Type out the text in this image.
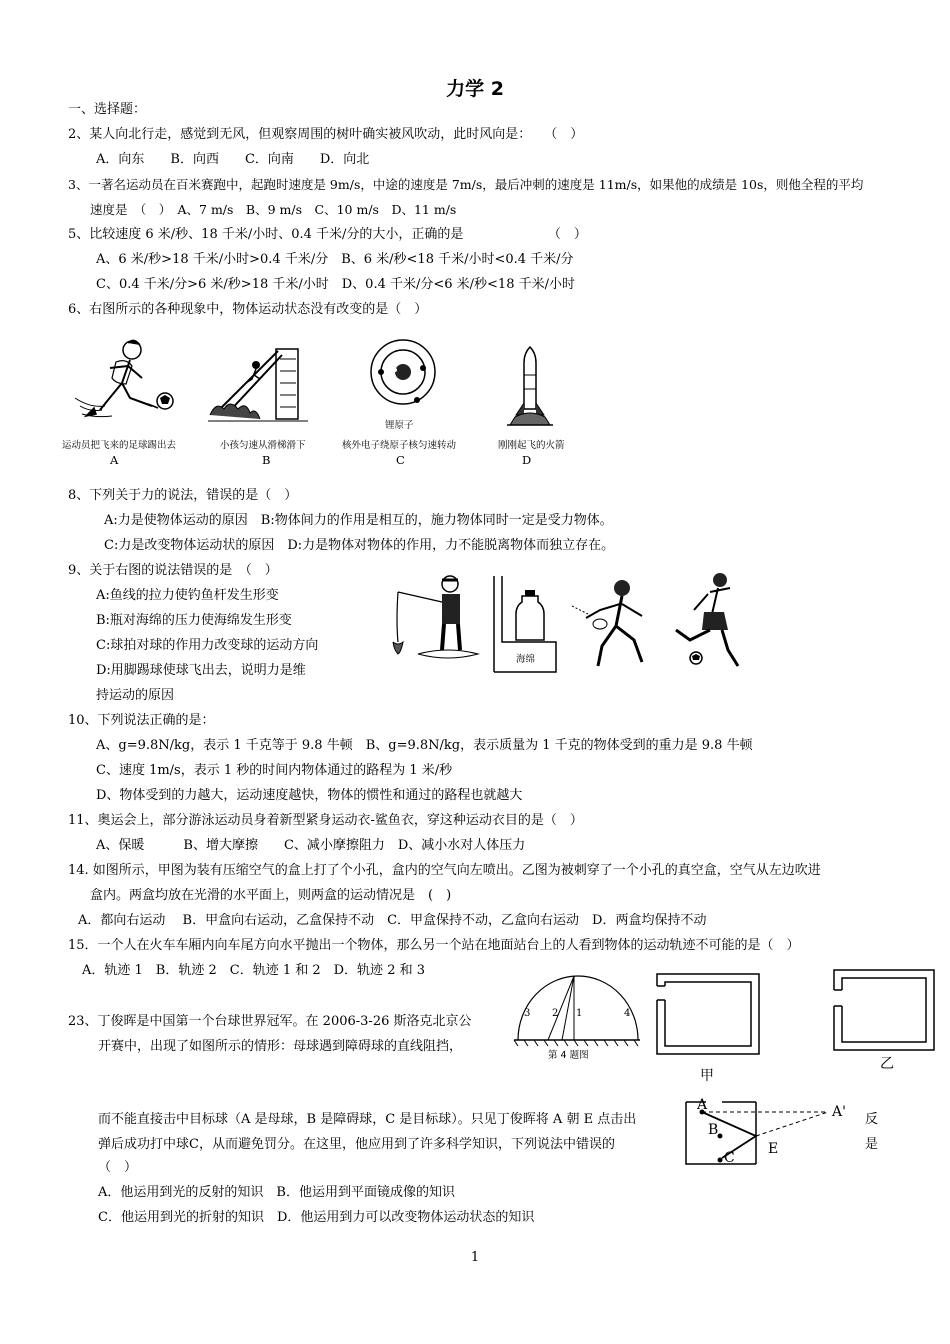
力学 2
一、选择题：
2、某人向北行走，感觉到无风，但观察周围的树叶确实被风吹动，此时风向是：　　（　）
A．向东　　B．向西　　C．向南　　D．向北
3、一著名运动员在百米赛跑中，起跑时速度是 9m/s，中途的速度是 7m/s，最后冲刺的速度是 11m/s，如果他的成绩是 10s，则他全程的平均
速度是　（　）　A、7 m/s　B、9 m/s　C、10 m/s　D、11 m/s
5、比较速度 6 米/秒、18 千米/小时、0.4 千米/分的大小，正确的是　　　　　　　（　）
A、6 米/秒>18 千米/小时>0.4 千米/分　B、6 米/秒<18 千米/小时<0.4 千米/分
C、0.4 千米/分>6 米/秒>18 千米/小时　D、0.4 千米/分<6 米/秒<18 千米/小时
6、右图所示的各种现象中，物体运动状态没有改变的是（　）
8、下列关于力的说法，错误的是（　）
A:力是使物体运动的原因　B:物体间力的作用是相互的，施力物体同时一定是受力物体。
C:力是改变物体运动状的原因　D:力是物体对物体的作用，力不能脱离物体而独立存在。
9、关于右图的说法错误的是　（　）
A:鱼线的拉力使钓鱼杆发生形变
B:瓶对海绵的压力使海绵发生形变
C:球拍对球的作用力改变球的运动方向
D:用脚踢球使球飞出去，说明力是维
持运动的原因
10、下列说法正确的是：
A、g=9.8N/kg，表示 1 千克等于 9.8 牛顿　B、g=9.8N/kg，表示质量为 1 千克的物体受到的重力是 9.8 牛顿
C、速度 1m/s，表示 1 秒的时间内物体通过的路程为 1 米/秒
D、物体受到的力越大，运动速度越快，物体的惯性和通过的路程也就越大
11、奥运会上，部分游泳运动员身着新型紧身运动衣-鲨鱼衣，穿这种运动衣目的是（　）
A、保暖　　　B、增大摩擦　　C、减小摩擦阻力　D、减小水对人体压力
14. 如图所示，甲图为装有压缩空气的盒上打了个小孔，盒内的空气向左喷出。乙图为被刺穿了一个小孔的真空盒，空气从左边吹进
盒内。两盒均放在光滑的水平面上，则两盒的运动情况是　(　)
A．都向右运动　 B．甲盒向右运动，乙盒保持不动　C．甲盒保持不动，乙盒向右运动　D．两盒均保持不动
15．一个人在火车车厢内向车尾方向水平抛出一个物体，那么另一个站在地面站台上的人看到物体的运动轨迹不可能的是（　）
A．轨迹 1　B．轨迹 2　C．轨迹 1 和 2　D．轨迹 2 和 3
23、丁俊晖是中国第一个台球世界冠军。在 2006-3-26 斯洛克北京公
开赛中，出现了如图所示的情形：母球遇到障碍球的直线阻挡，
而不能直接击中目标球（A 是母球，B 是障碍球，C 是目标球）。只见丁俊晖将 A 朝 E 点击出
弹后成功打中球C，从而避免罚分。在这里，他应用到了许多科学知识，下列说法中错误的
（　）
A．他运用到光的反射的知识　B．他运用到平面镜成像的知识
C．他运用到光的折射的知识　D．他运用到力可以改变物体运动状态的知识
反
是
锂原子
运动员把飞来的足球踢出去	小孩匀速从滑梯滑下	核外电子绕原子核匀速转动	刚刚起飞的火箭
A	B	C	D
海绵
3 2 1	4
第 4 题图
甲
乙
A
B
C
E
A'
1
